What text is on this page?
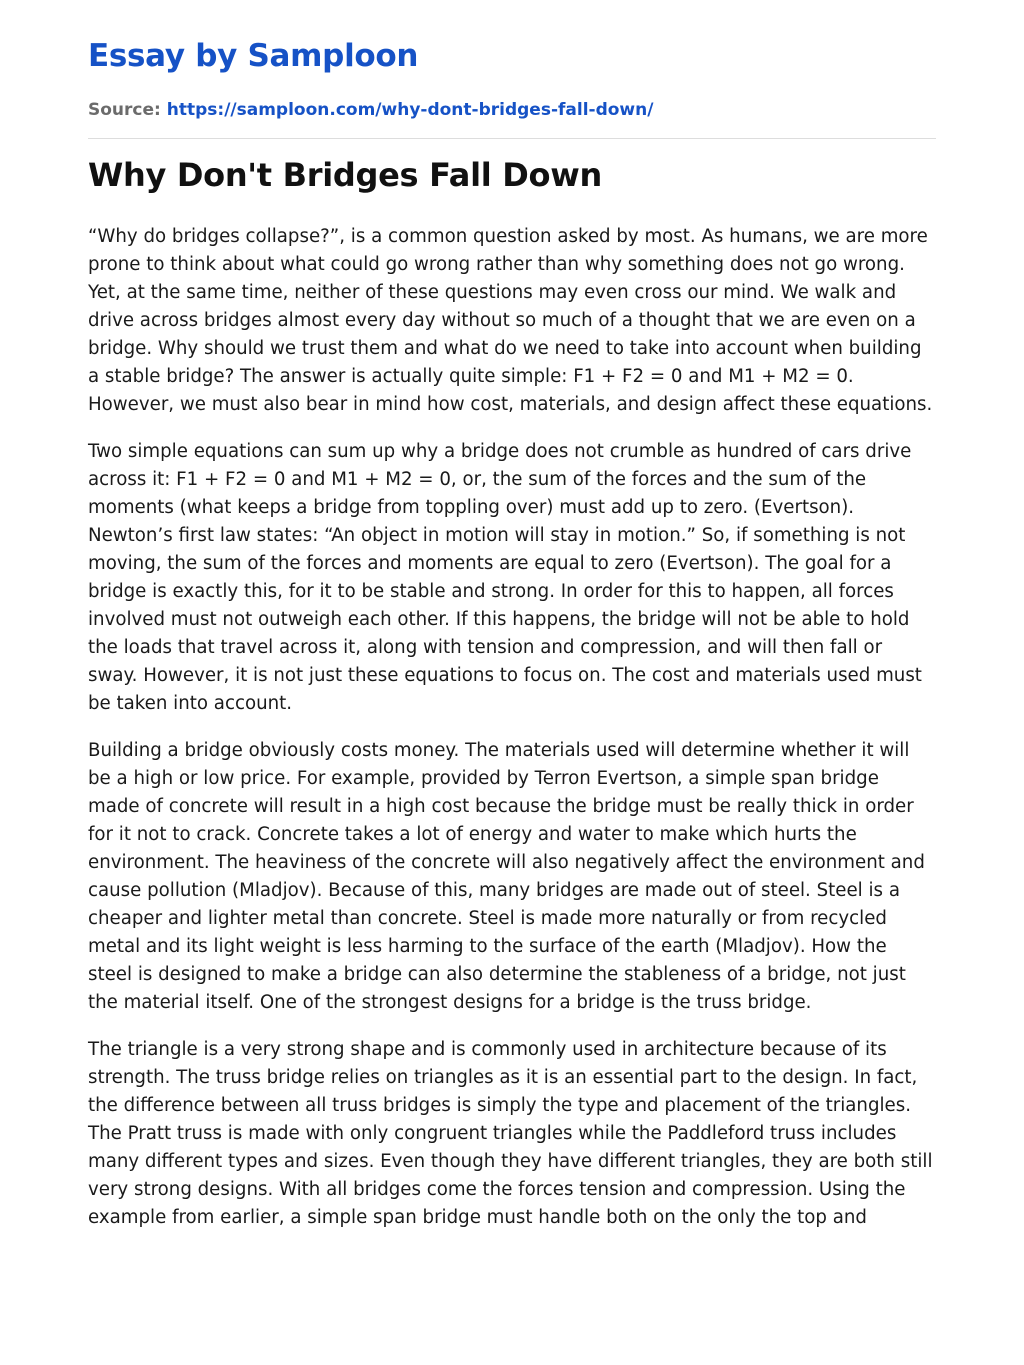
Essay by Samploon
Source: https://samploon.com/why-dont-bridges-fall-down/
Why Don't Bridges Fall Down

“Why do bridges collapse?”, is a common question asked by most. As humans, we are more prone to think about what could go wrong rather than why something does not go wrong. Yet, at the same time, neither of these questions may even cross our mind. We walk and drive across bridges almost every day without so much of a thought that we are even on a bridge. Why should we trust them and what do we need to take into account when building a stable bridge? The answer is actually quite simple: F1 + F2 = 0 and M1 + M2 = 0. However, we must also bear in mind how cost, materials, and design affect these equations.

Two simple equations can sum up why a bridge does not crumble as hundred of cars drive across it: F1 + F2 = 0 and M1 + M2 = 0, or, the sum of the forces and the sum of the moments (what keeps a bridge from toppling over) must add up to zero. (Evertson). Newton’s first law states: “An object in motion will stay in motion.” So, if something is not moving, the sum of the forces and moments are equal to zero (Evertson). The goal for a bridge is exactly this, for it to be stable and strong. In order for this to happen, all forces involved must not outweigh each other. If this happens, the bridge will not be able to hold the loads that travel across it, along with tension and compression, and will then fall or sway. However, it is not just these equations to focus on. The cost and materials used must be taken into account.

Building a bridge obviously costs money. The materials used will determine whether it will be a high or low price. For example, provided by Terron Evertson, a simple span bridge made of concrete will result in a high cost because the bridge must be really thick in order for it not to crack. Concrete takes a lot of energy and water to make which hurts the environment. The heaviness of the concrete will also negatively affect the environment and cause pollution (Mladjov). Because of this, many bridges are made out of steel. Steel is a cheaper and lighter metal than concrete. Steel is made more naturally or from recycled metal and its light weight is less harming to the surface of the earth (Mladjov). How the steel is designed to make a bridge can also determine the stableness of a bridge, not just the material itself. One of the strongest designs for a bridge is the truss bridge.

The triangle is a very strong shape and is commonly used in architecture because of its strength. The truss bridge relies on triangles as it is an essential part to the design. In fact, the difference between all truss bridges is simply the type and placement of the triangles. The Pratt truss is made with only congruent triangles while the Paddleford truss includes many different types and sizes. Even though they have different triangles, they are both still very strong designs. With all bridges come the forces tension and compression. Using the example from earlier, a simple span bridge must handle both on the only the top and
